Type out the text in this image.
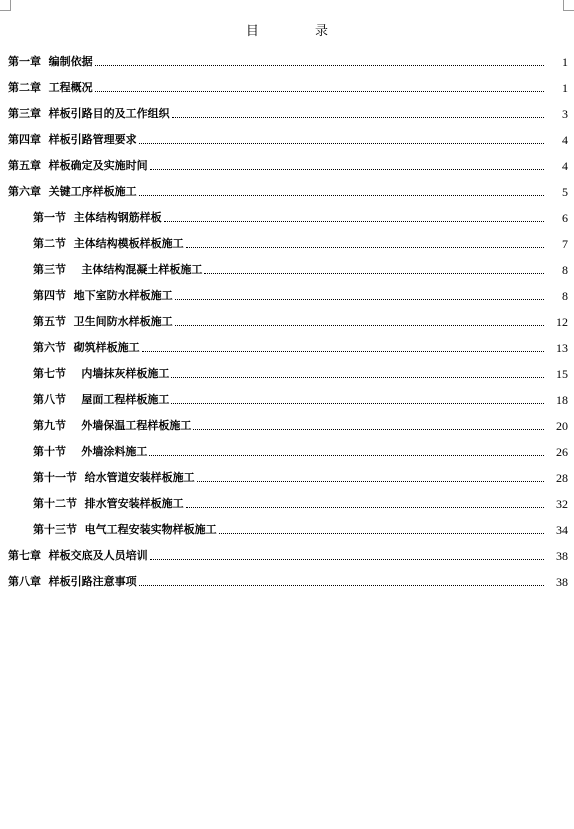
目 录
第一章  编制依据	1
第二章  工程概况	1
第三章  样板引路目的及工作组织	3
第四章  样板引路管理要求	4
第五章  样板确定及实施时间	4
第六章  关键工序样板施工	5
第一节  主体结构钢筋样板	6
第二节  主体结构模板样板施工	7
第三节    主体结构混凝土样板施工	8
第四节  地下室防水样板施工	8
第五节  卫生间防水样板施工	12
第六节  砌筑样板施工	13
第七节    内墙抹灰样板施工	15
第八节    屋面工程样板施工	18
第九节    外墙保温工程样板施工	20
第十节    外墙涂料施工	26
第十一节  给水管道安装样板施工	28
第十二节  排水管安装样板施工	32
第十三节  电气工程安装实物样板施工	34
第七章  样板交底及人员培训	38
第八章  样板引路注意事项	38
